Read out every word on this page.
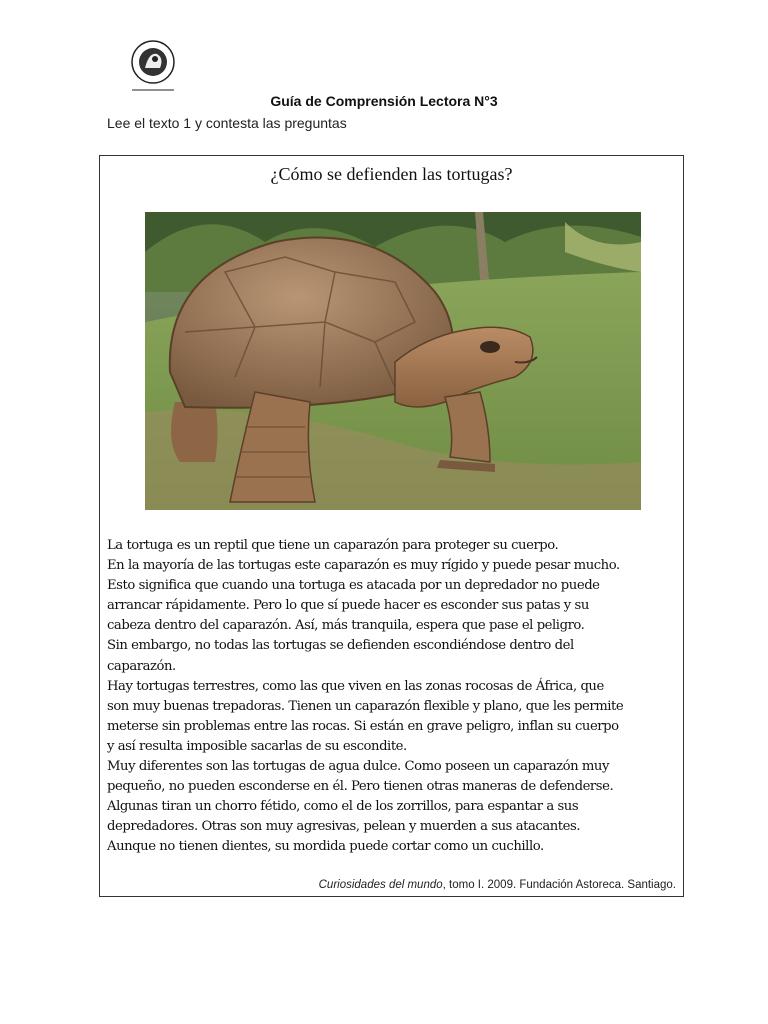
Guía de Comprensión Lectora N°3
Lee el texto 1 y contesta las preguntas
¿Cómo se defienden las tortugas?

La tortuga es un reptil que tiene un caparazón para proteger su cuerpo.

En la mayoría de las tortugas este caparazón es muy rígido y puede pesar mucho.

Esto significa que cuando una tortuga es atacada por un depredador no puede

arrancar rápidamente. Pero lo que sí puede hacer es esconder sus patas y su

cabeza dentro del caparazón. Así, más tranquila, espera que pase el peligro.

Sin embargo, no todas las tortugas se defienden escondiéndose dentro del

caparazón.

Hay tortugas terrestres, como las que viven en las zonas rocosas de África, que

son muy buenas trepadoras. Tienen un caparazón flexible y plano, que les permite

meterse sin problemas entre las rocas. Si están en grave peligro, inflan su cuerpo

y así resulta imposible sacarlas de su escondite.

Muy diferentes son las tortugas de agua dulce. Como poseen un caparazón muy

pequeño, no pueden esconderse en él. Pero tienen otras maneras de defenderse.

Algunas tiran un chorro fétido, como el de los zorrillos, para espantar a sus

depredadores. Otras son muy agresivas, pelean y muerden a sus atacantes.

Aunque no tienen dientes, su mordida puede cortar como un cuchillo.

Curiosidades del mundo, tomo I. 2009. Fundación Astoreca. Santiago.
